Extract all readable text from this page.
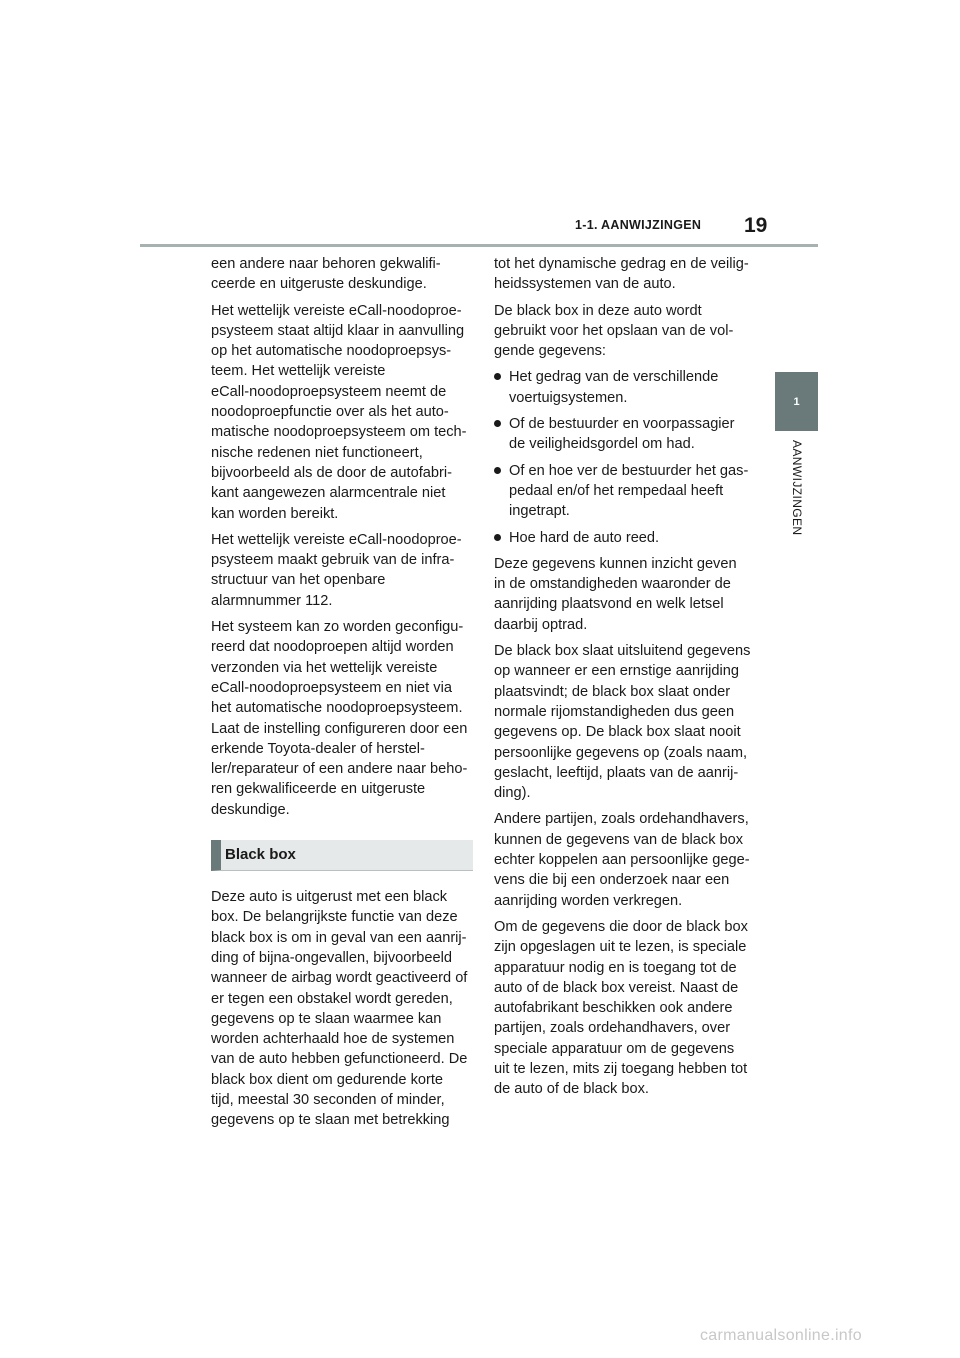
1-1. AANWIJZINGEN 19
1
AANWIJZINGEN
een andere naar behoren gekwalifi-
ceerde en uitgeruste deskundige.
Het wettelijk vereiste eCall-noodoproe-
psysteem staat altijd klaar in aanvulling
op het automatische noodoproepsys-
teem. Het wettelijk vereiste
eCall-noodoproepsysteem neemt de
noodoproepfunctie over als het auto-
matische noodoproepsysteem om tech-
nische redenen niet functioneert,
bijvoorbeeld als de door de autofabri-
kant aangewezen alarmcentrale niet
kan worden bereikt.
Het wettelijk vereiste eCall-noodoproe-
psysteem maakt gebruik van de infra-
structuur van het openbare
alarmnummer 112.
Het systeem kan zo worden geconfigu-
reerd dat noodoproepen altijd worden
verzonden via het wettelijk vereiste
eCall-noodoproepsysteem en niet via
het automatische noodoproepsysteem.
Laat de instelling configureren door een
erkende Toyota-dealer of herstel-
ler/reparateur of een andere naar beho-
ren gekwalificeerde en uitgeruste
deskundige.
Black box
Deze auto is uitgerust met een black
box. De belangrijkste functie van deze
black box is om in geval van een aanrij-
ding of bijna-ongevallen, bijvoorbeeld
wanneer de airbag wordt geactiveerd of
er tegen een obstakel wordt gereden,
gegevens op te slaan waarmee kan
worden achterhaald hoe de systemen
van de auto hebben gefunctioneerd. De
black box dient om gedurende korte
tijd, meestal 30 seconden of minder,
gegevens op te slaan met betrekking
tot het dynamische gedrag en de veilig-
heidssystemen van de auto.
De black box in deze auto wordt
gebruikt voor het opslaan van de vol-
gende gegevens:
Het gedrag van de verschillende
voertuigsystemen.
Of de bestuurder en voorpassagier
de veiligheidsgordel om had.
Of en hoe ver de bestuurder het gas-
pedaal en/of het rempedaal heeft
ingetrapt.
Hoe hard de auto reed.
Deze gegevens kunnen inzicht geven
in de omstandigheden waaronder de
aanrijding plaatsvond en welk letsel
daarbij optrad.
De black box slaat uitsluitend gegevens
op wanneer er een ernstige aanrijding
plaatsvindt; de black box slaat onder
normale rijomstandigheden dus geen
gegevens op. De black box slaat nooit
persoonlijke gegevens op (zoals naam,
geslacht, leeftijd, plaats van de aanrij-
ding).
Andere partijen, zoals ordehandhavers,
kunnen de gegevens van de black box
echter koppelen aan persoonlijke gege-
vens die bij een onderzoek naar een
aanrijding worden verkregen.
Om de gegevens die door de black box
zijn opgeslagen uit te lezen, is speciale
apparatuur nodig en is toegang tot de
auto of de black box vereist. Naast de
autofabrikant beschikken ook andere
partijen, zoals ordehandhavers, over
speciale apparatuur om de gegevens
uit te lezen, mits zij toegang hebben tot
de auto of de black box.
carmanualsonline.info
